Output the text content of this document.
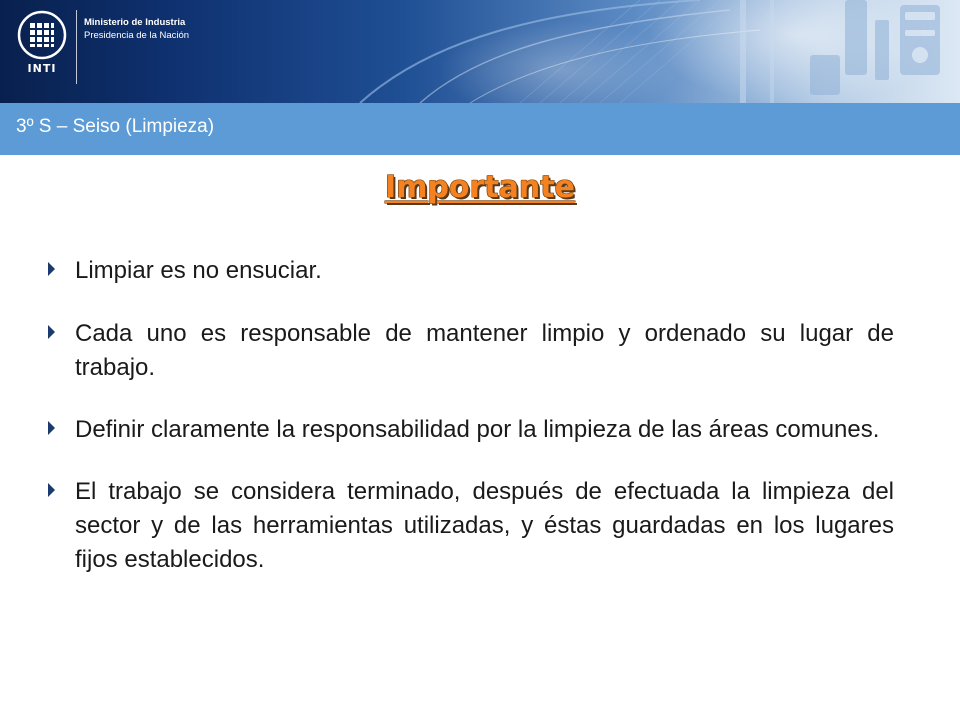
INTI
Ministerio de Industria
Presidencia de la Nación
3º S – Seiso (Limpieza)
Importante
Limpiar es no ensuciar.
Cada uno es responsable de mantener limpio y ordenado su lugar de trabajo.
Definir claramente la responsabilidad por la limpieza de las áreas comunes.
El trabajo se considera terminado, después de efectuada la limpieza del sector y de las herramientas utilizadas, y éstas guardadas en los lugares fijos establecidos.
